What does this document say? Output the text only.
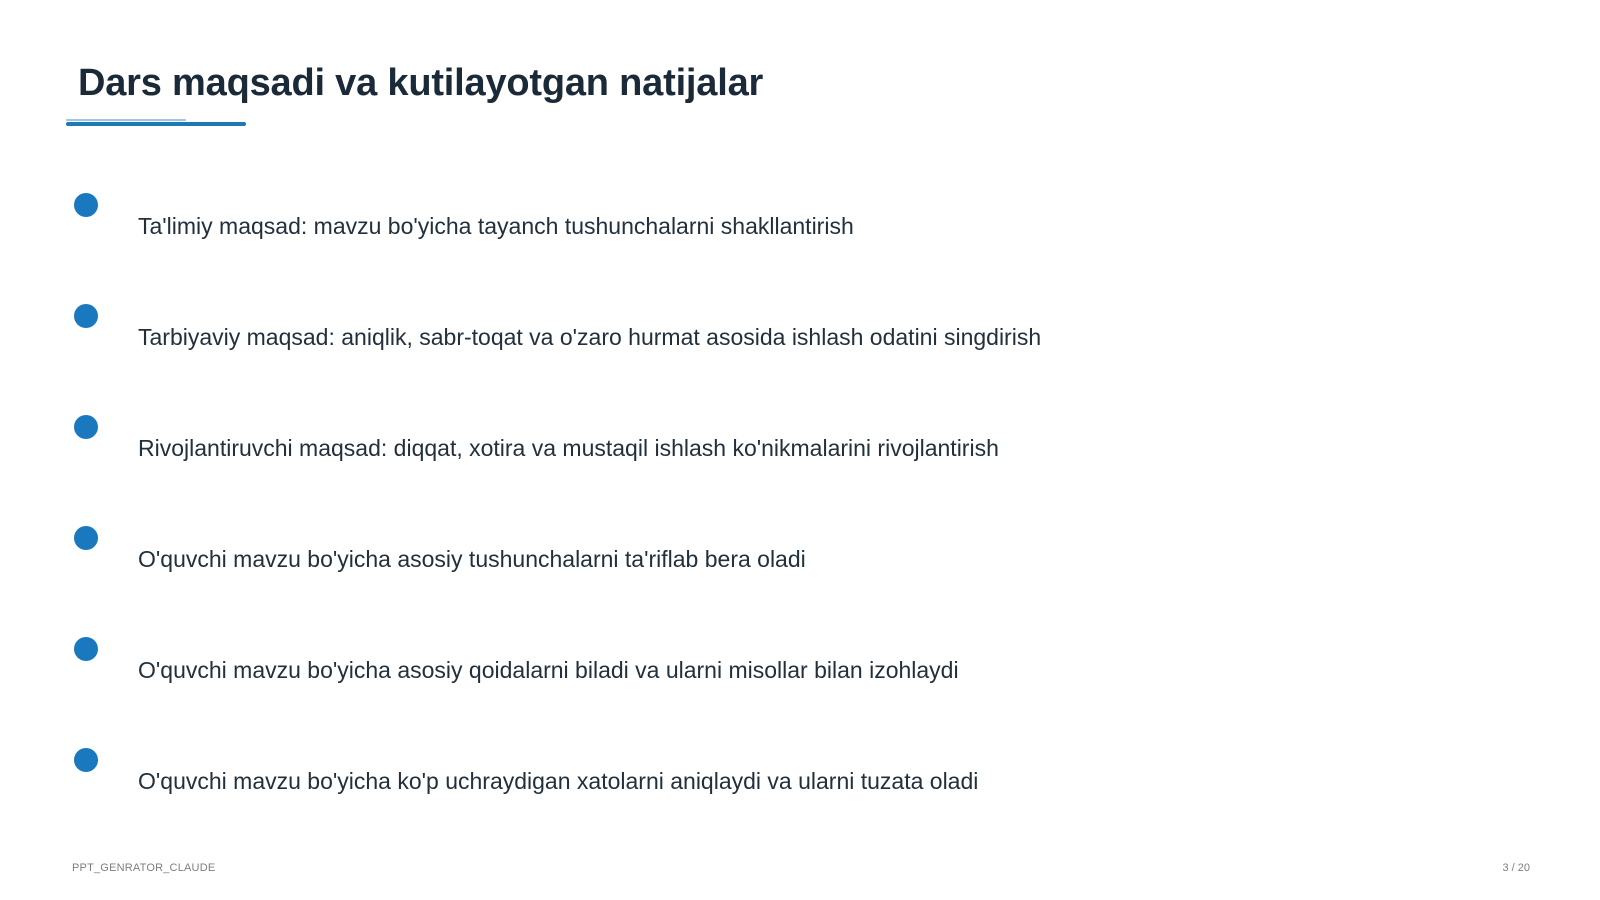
Dars maqsadi va kutilayotgan natijalar
Ta'limiy maqsad: mavzu bo'yicha tayanch tushunchalarni shakllantirish
Tarbiyaviy maqsad: aniqlik, sabr-toqat va o'zaro hurmat asosida ishlash odatini singdirish
Rivojlantiruvchi maqsad: diqqat, xotira va mustaqil ishlash ko'nikmalarini rivojlantirish
O'quvchi mavzu bo'yicha asosiy tushunchalarni ta'riflab bera oladi
O'quvchi mavzu bo'yicha asosiy qoidalarni biladi va ularni misollar bilan izohlaydi
O'quvchi mavzu bo'yicha ko'p uchraydigan xatolarni aniqlaydi va ularni tuzata oladi
PPT_GENRATOR_CLAUDE	3 / 20
